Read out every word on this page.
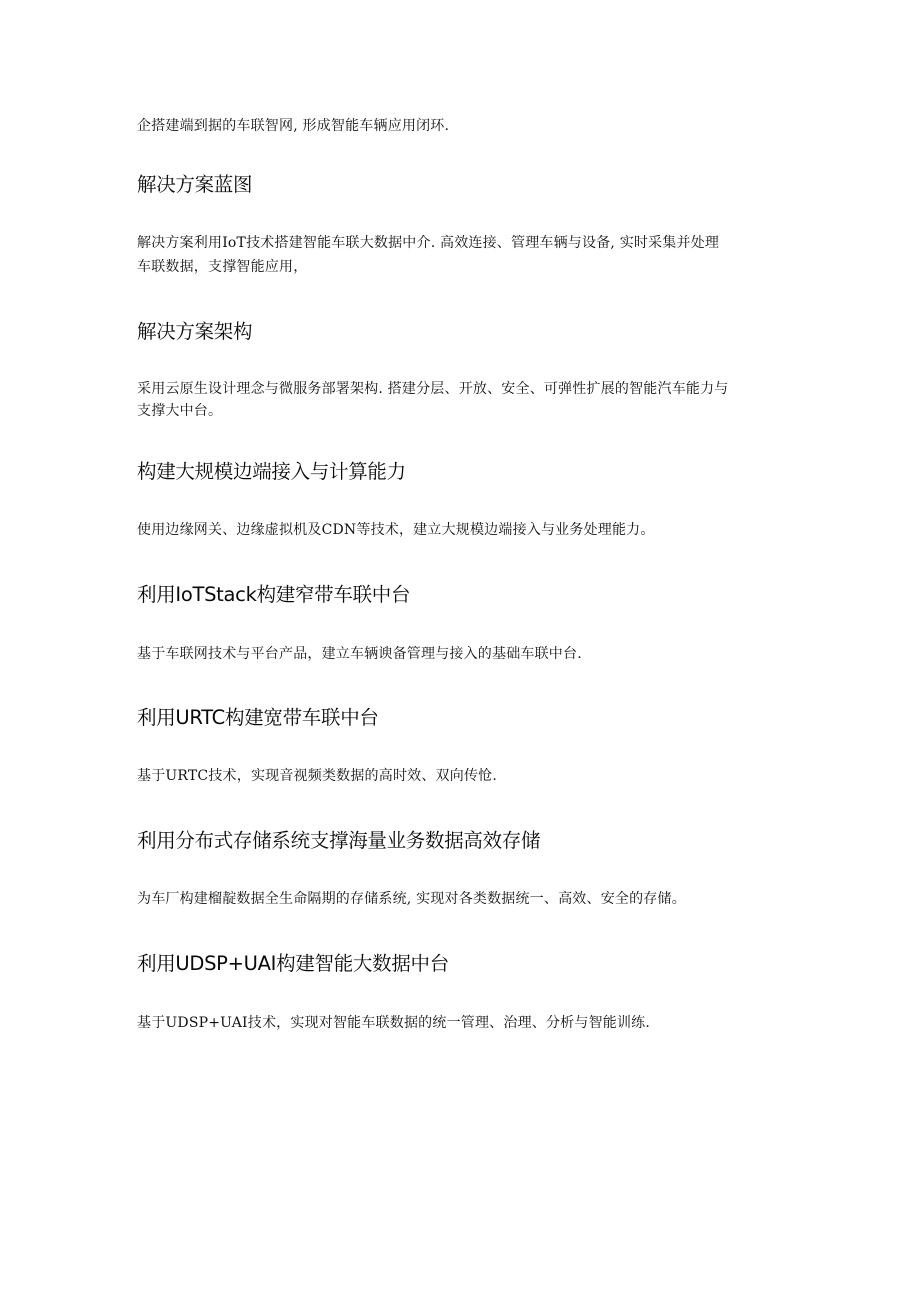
企搭建端到据的车联智网, 形成智能车辆应用闭环.

解决方案蓝图

解决方案利用IoT技术搭建智能车联大数据中介. 高效连接、管理车辆与设备, 实时采集并处理

车联数据，支撑智能应用，

解决方案架构

采用云原生设计理念与微服务部署架构. 搭建分层、开放、安全、可弹性扩展的智能汽车能力与

支撑大中台。

构建大规模边端接入与计算能力

使用边缘网关、边缘虚拟机及CDN等技术，建立大规模边端接入与业务处理能力。

利用IoTStack构建窄带车联中台

基于车联网技术与平台产品，建立车辆谀备管理与接入的基础车联中台.

利用URTC构建宽带车联中台

基于URTC技术，实现音视频类数据的高时效、双向传怆.

利用分布式存储系统支撑海量业务数据高效存储

为车厂构建榴靛数据全生命隔期的存储系统, 实现对各类数据统一、高效、安全的存储。

利用UDSP+UAI构建智能大数据中台

基于UDSP+UAI技术，实现对智能车联数据的统一管理、治理、分析与智能训练.
